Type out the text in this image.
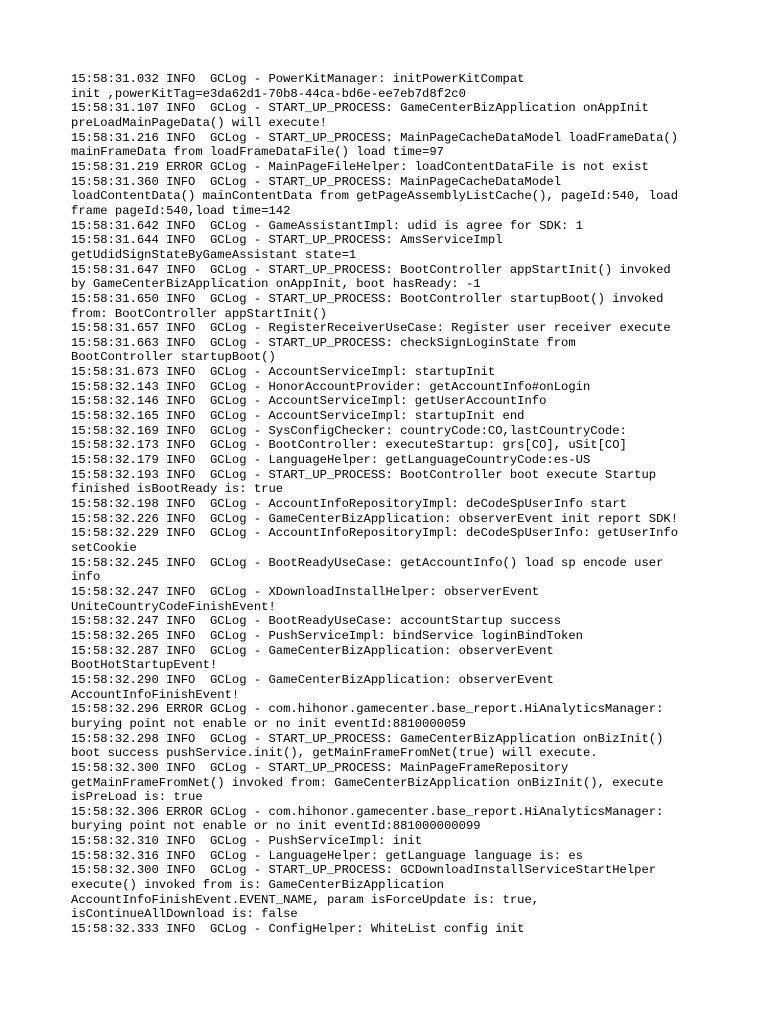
15:58:31.032 INFO  GCLog - PowerKitManager: initPowerKitCompat
init ,powerKitTag=e3da62d1-70b8-44ca-bd6e-ee7eb7d8f2c0
15:58:31.107 INFO  GCLog - START_UP_PROCESS: GameCenterBizApplication onAppInit
preLoadMainPageData() will execute!
15:58:31.216 INFO  GCLog - START_UP_PROCESS: MainPageCacheDataModel loadFrameData()
mainFrameData from loadFrameDataFile() load time=97
15:58:31.219 ERROR GCLog - MainPageFileHelper: loadContentDataFile is not exist
15:58:31.360 INFO  GCLog - START_UP_PROCESS: MainPageCacheDataModel
loadContentData() mainContentData from getPageAssemblyListCache(), pageId:540, load
frame pageId:540,load time=142
15:58:31.642 INFO  GCLog - GameAssistantImpl: udid is agree for SDK: 1
15:58:31.644 INFO  GCLog - START_UP_PROCESS: AmsServiceImpl
getUdidSignStateByGameAssistant state=1
15:58:31.647 INFO  GCLog - START_UP_PROCESS: BootController appStartInit() invoked
by GameCenterBizApplication onAppInit, boot hasReady: -1
15:58:31.650 INFO  GCLog - START_UP_PROCESS: BootController startupBoot() invoked
from: BootController appStartInit()
15:58:31.657 INFO  GCLog - RegisterReceiverUseCase: Register user receiver execute
15:58:31.663 INFO  GCLog - START_UP_PROCESS: checkSignLoginState from
BootController startupBoot()
15:58:31.673 INFO  GCLog - AccountServiceImpl: startupInit
15:58:32.143 INFO  GCLog - HonorAccountProvider: getAccountInfo#onLogin
15:58:32.146 INFO  GCLog - AccountServiceImpl: getUserAccountInfo
15:58:32.165 INFO  GCLog - AccountServiceImpl: startupInit end
15:58:32.169 INFO  GCLog - SysConfigChecker: countryCode:CO,lastCountryCode:
15:58:32.173 INFO  GCLog - BootController: executeStartup: grs[CO], uSit[CO]
15:58:32.179 INFO  GCLog - LanguageHelper: getLanguageCountryCode:es-US
15:58:32.193 INFO  GCLog - START_UP_PROCESS: BootController boot execute Startup
finished isBootReady is: true
15:58:32.198 INFO  GCLog - AccountInfoRepositoryImpl: deCodeSpUserInfo start
15:58:32.226 INFO  GCLog - GameCenterBizApplication: observerEvent init report SDK!
15:58:32.229 INFO  GCLog - AccountInfoRepositoryImpl: deCodeSpUserInfo: getUserInfo
setCookie
15:58:32.245 INFO  GCLog - BootReadyUseCase: getAccountInfo() load sp encode user
info
15:58:32.247 INFO  GCLog - XDownloadInstallHelper: observerEvent
UniteCountryCodeFinishEvent!
15:58:32.247 INFO  GCLog - BootReadyUseCase: accountStartup success
15:58:32.265 INFO  GCLog - PushServiceImpl: bindService loginBindToken
15:58:32.287 INFO  GCLog - GameCenterBizApplication: observerEvent
BootHotStartupEvent!
15:58:32.290 INFO  GCLog - GameCenterBizApplication: observerEvent
AccountInfoFinishEvent!
15:58:32.296 ERROR GCLog - com.hihonor.gamecenter.base_report.HiAnalyticsManager:
burying point not enable or no init eventId:8810000059
15:58:32.298 INFO  GCLog - START_UP_PROCESS: GameCenterBizApplication onBizInit()
boot success pushService.init(), getMainFrameFromNet(true) will execute.
15:58:32.300 INFO  GCLog - START_UP_PROCESS: MainPageFrameRepository
getMainFrameFromNet() invoked from: GameCenterBizApplication onBizInit(), execute
isPreLoad is: true
15:58:32.306 ERROR GCLog - com.hihonor.gamecenter.base_report.HiAnalyticsManager:
burying point not enable or no init eventId:881000000099
15:58:32.310 INFO  GCLog - PushServiceImpl: init
15:58:32.316 INFO  GCLog - LanguageHelper: getLanguage language is: es
15:58:32.300 INFO  GCLog - START_UP_PROCESS: GCDownloadInstallServiceStartHelper
execute() invoked from is: GameCenterBizApplication
AccountInfoFinishEvent.EVENT_NAME, param isForceUpdate is: true,
isContinueAllDownload is: false
15:58:32.333 INFO  GCLog - ConfigHelper: WhiteList config init
